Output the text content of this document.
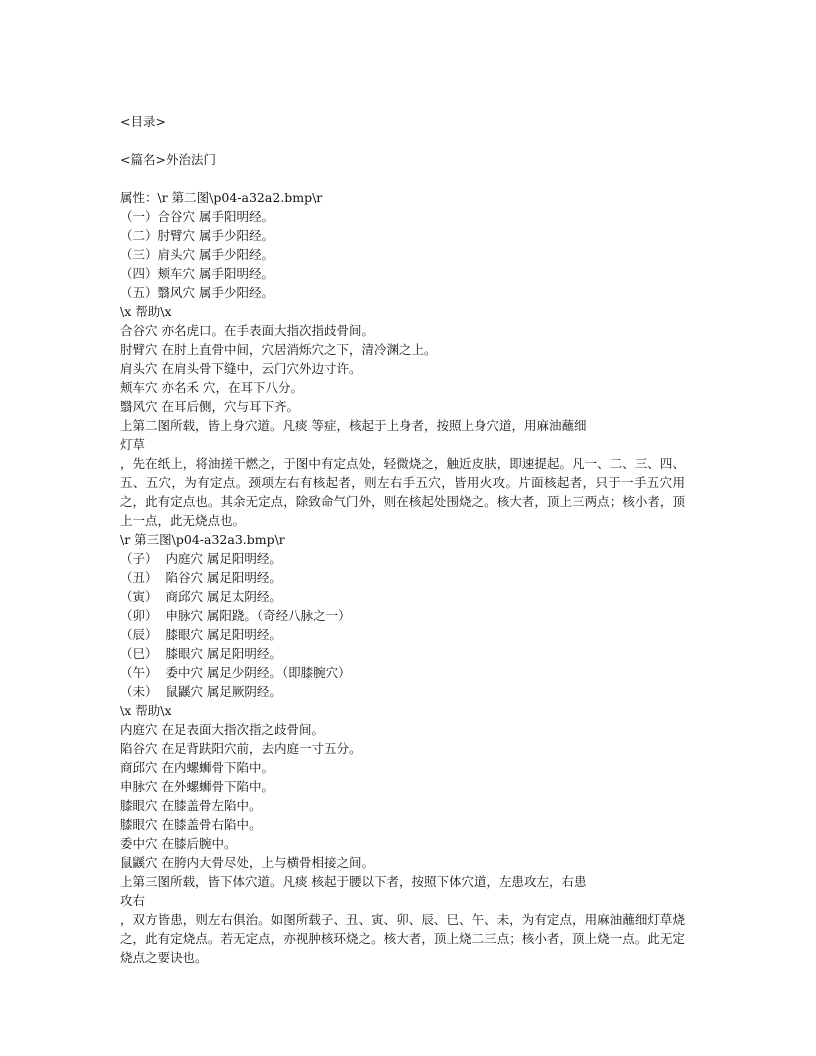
<目录>
<篇名>外治法门
属性：\r 第二图\p04-a32a2.bmp\r
（一）合谷穴 属手阳明经。
（二）肘臂穴 属手少阳经。
（三）肩头穴 属手少阳经。
（四）颊车穴 属手阳明经。
（五）翳风穴 属手少阳经。
\x 帮助\x
合谷穴 亦名虎口。在手表面大指次指歧骨间。
肘臂穴 在肘上直骨中间，穴居消烁穴之下，清冷渊之上。
肩头穴 在肩头骨下缝中，云门穴外边寸许。
颊车穴 亦名禾 穴，在耳下八分。
翳风穴 在耳后侧，穴与耳下齐。
上第二图所载，皆上身穴道。凡痰 等症，核起于上身者，按照上身穴道，用麻油蘸细
灯草
，先在纸上，将油搓干燃之，于图中有定点处，轻微烧之，触近皮肤，即速提起。凡一、二、三、四、五、五穴，为有定点。颈项左右有核起者，则左右手五穴，皆用火攻。片面核起者，只于一手五穴用之，此有定点也。其余无定点，除致命气门外，则在核起处围烧之。核大者，顶上三两点；核小者，顶上一点，此无烧点也。
\r 第三图\p04-a32a3.bmp\r
（子）  内庭穴 属足阳明经。
（丑）  陷谷穴 属足阳明经。
（寅）  商邱穴 属足太阴经。
（卯）  申脉穴 属阳跷。（奇经八脉之一）
（辰）  膝眼穴 属足阳明经。
（巳）  膝眼穴 属足阳明经。
（午）  委中穴 属足少阴经。（即膝腕穴）
（未）  鼠鼷穴 属足厥阴经。
\x 帮助\x
内庭穴 在足表面大指次指之歧骨间。
陷谷穴 在足背趺阳穴前，去内庭一寸五分。
商邱穴 在内螺蛳骨下陷中。
申脉穴 在外螺蛳骨下陷中。
膝眼穴 在膝盖骨左陷中。
膝眼穴 在膝盖骨右陷中。
委中穴 在膝后腕中。
鼠鼷穴 在胯内大骨尽处，上与横骨相接之间。
上第三图所载，皆下体穴道。凡痰 核起于腰以下者，按照下体穴道，左患攻左，右患
攻右
，双方皆患，则左右俱治。如图所载子、丑、寅、卯、辰、巳、午、未，为有定点，用麻油蘸细灯草烧之，此有定烧点。若无定点，亦视肿核环烧之。核大者，顶上烧二三点；核小者，顶上烧一点。此无定烧点之要诀也。
